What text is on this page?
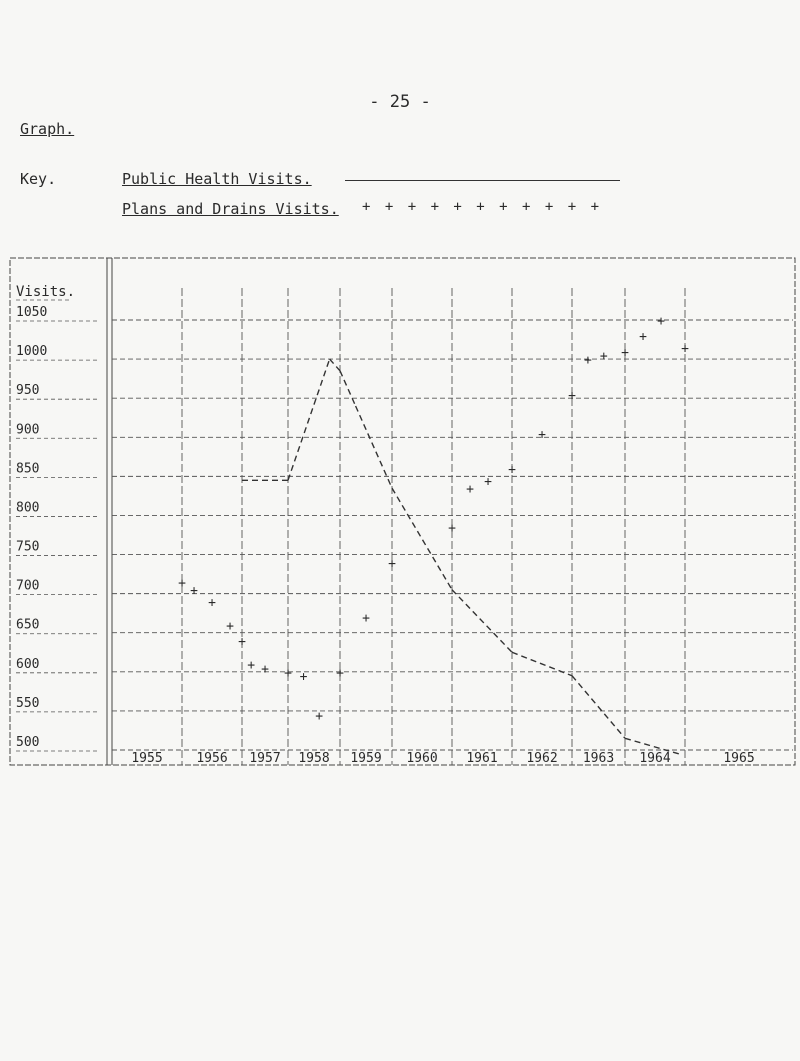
- 25 -
Graph.
Key.	Public Health Visits.
Plans and Drains Visits. + + + + + + + + + + +
1050
1000
950
900
850
800
750
700
650
600
550
500
Visits.
1955	1956 1957 1958 1959 1960 1961 1962 1963 1964	1965
+
+
+
+
+
+ + + +
+
+
+
+
+
+
+
+
+
+
+ + +
+
+
+
